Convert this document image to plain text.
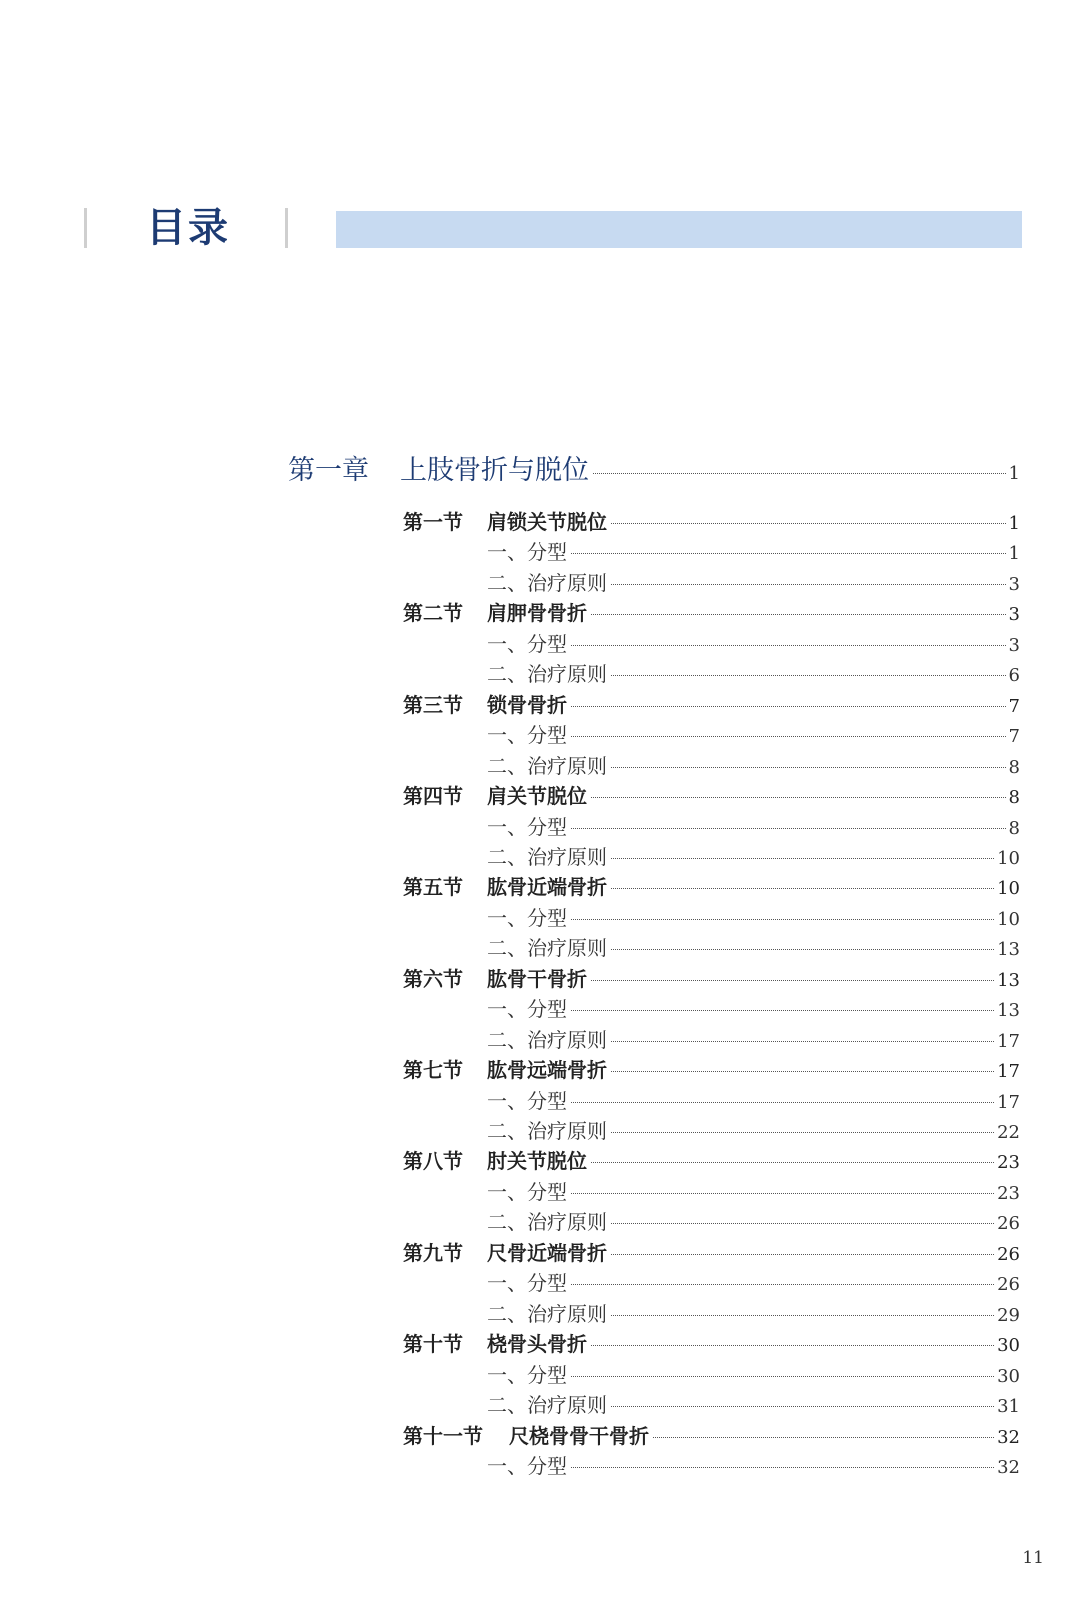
目录
第一章 上肢骨折与脱位	1
第一节 肩锁关节脱位	1
一、分型	1
二、治疗原则	3
第二节 肩胛骨骨折	3
一、分型	3
二、治疗原则	6
第三节 锁骨骨折	7
一、分型	7
二、治疗原则	8
第四节 肩关节脱位	8
一、分型	8
二、治疗原则	10
第五节 肱骨近端骨折	10
一、分型	10
二、治疗原则	13
第六节 肱骨干骨折	13
一、分型	13
二、治疗原则	17
第七节 肱骨远端骨折	17
一、分型	17
二、治疗原则	22
第八节 肘关节脱位	23
一、分型	23
二、治疗原则	26
第九节 尺骨近端骨折	26
一、分型	26
二、治疗原则	29
第十节 桡骨头骨折	30
一、分型	30
二、治疗原则	31
第十一节 尺桡骨骨干骨折	32
一、分型	32
11
